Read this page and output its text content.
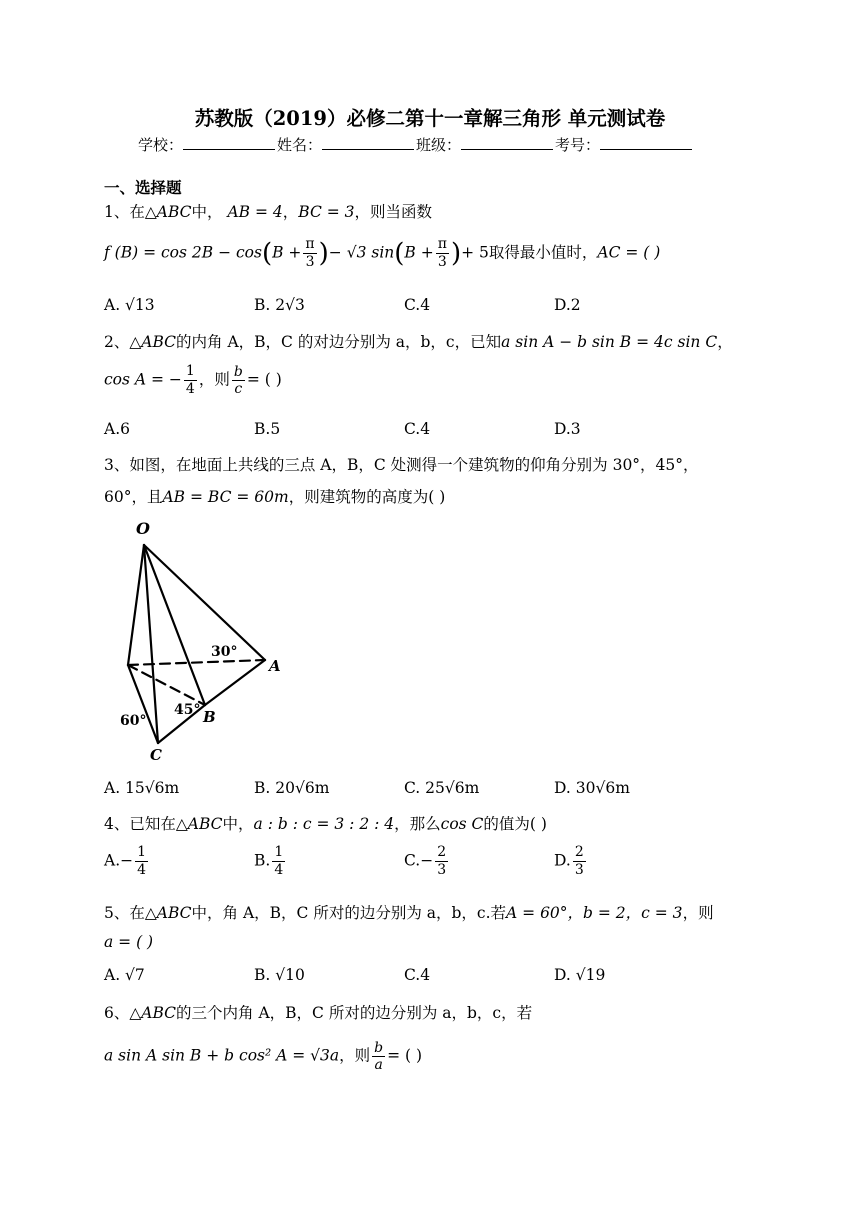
苏教版（2019）必修二第十一章解三角形 单元测试卷
学校：	姓名：	班级：	考号：
一、选择题
1、在△ABC中， AB = 4，BC = 3，则当函数
f $(B) = \cos 2B - \cos(B + \frac{\pi}{3}$ )− √3 $\sin(B + \frac{\pi}{3}$ )+ 5取得最小值时，AC = ( )
A. √13	B. 2√3	C.4	D.2
2、△ABC的内角 A，B，C 的对边分别为 a，b，c，已知a sin A − b sin B = 4c sin C，
cos A = − $\frac{1}{4}$ ，则 $\frac{b}{c}$ = ( )
A.6	B.5	C.4	D.3
3、如图，在地面上共线的三点 A，B，C 处测得一个建筑物的仰角分别为 30°，45°，
60°，且AB = BC = 60m，则建筑物的高度为( )
O
A
B
C
30°
45°
60°
A. 15√6m	B. 20√6m	C. 25√6m	D. 30√6m
4、已知在△ABC中，a : b : c = 3 : 2 : 4，那么cos C的值为( )
$A.- \frac{1}{4}$	B. $\frac{1}{4}$	$C.- \frac{2}{3}$	D. $\frac{2}{3}$
5、在△ABC中，角 A，B，C 所对的边分别为 a，b，c.若A = 60°，b = 2，c = 3，则
a = ( )
A. √7	B. √10	C.4	D. √19
6、△ABC的三个内角 A，B，C 所对的边分别为 a，b，c，若
a sin A sin B + b cos² A = √3a，则 $\frac{b}{a}$ = ( )
